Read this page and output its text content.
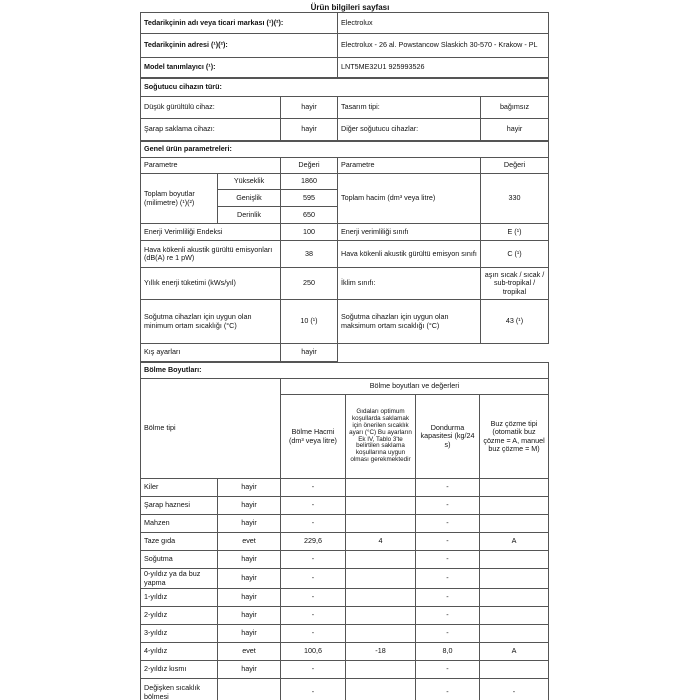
Ürün bilgileri sayfası
Tedarikçinin adı veya ticari markası (¹)(²):	Electrolux
Tedarikçinin adresi (¹)(²):	Electrolux - 26 al. Powstancow Slaskich 30-570 - Krakow - PL
Model tanımlayıcı (¹):	LNT5ME32U1 925993526
Soğutucu cihazın türü:			
Düşük gürültülü cihaz:	hayir	Tasarım tipi:	bağımsız
Şarap saklama cihazı:	hayir	Diğer soğutucu cihazlar:	hayir
Genel ürün parametreleri:				
Parametre		Değeri	Parametre	Değeri
Toplam boyutlar (milimetre) (¹)(²)	Yükseklik	1860	Toplam hacim (dm³ veya litre)	330
	Genişlik	595		
	Derinlik	650		
Enerji Verimliliği Endeksi		100	Enerji verimliliği sınıfı	E (¹)
Hava kökenli akustik gürültü emisyonları (dB(A) re 1 pW)		38	Hava kökenli akustik gürültü emisyon sınıfı	C (¹)
Yıllık enerji tüketimi (kWs/yıl)		250	İklim sınıfı:	aşırı sıcak / sıcak / sub-tropikal / tropikal
Soğutma cihazları için uygun olan minimum ortam sıcaklığı (°C)		10 (¹)	Soğutma cihazları için uygun olan maksimum ortam sıcaklığı (°C)	43 (¹)
Kış ayarları		hayir		
Bölme Boyutları:					
Bölme tipi		Bölme boyutları ve değerleri			
		Bölme Hacmi (dm³ veya litre)	Gıdaları optimum koşullarda saklamak için önerilen sıcaklık ayarı (°C) Bu ayarların Ek IV, Tablo 3'te belirtilen saklama koşullarına uygun olması gerekmektedir	Dondurma kapasitesi (kg/24 s)	Buz çözme tipi (otomatik buz çözme = A, manuel buz çözme = M)
Kiler	hayir	-		-	
Şarap haznesi	hayir	-		-	
Mahzen	hayir	-		-	
Taze gıda	evet	229,6	4	-	A
Soğutma	hayir	-		-	
0-yıldız ya da buz yapma	hayir	-		-	
1-yıldız	hayir	-		-	
2-yıldız	hayir	-		-	
3-yıldız	hayir	-		-	
4-yıldız	evet	100,6	-18	8,0	A
2-yıldız kısmı	hayir	-		-	
Değişken sıcaklık bölmesi		-		-	-
